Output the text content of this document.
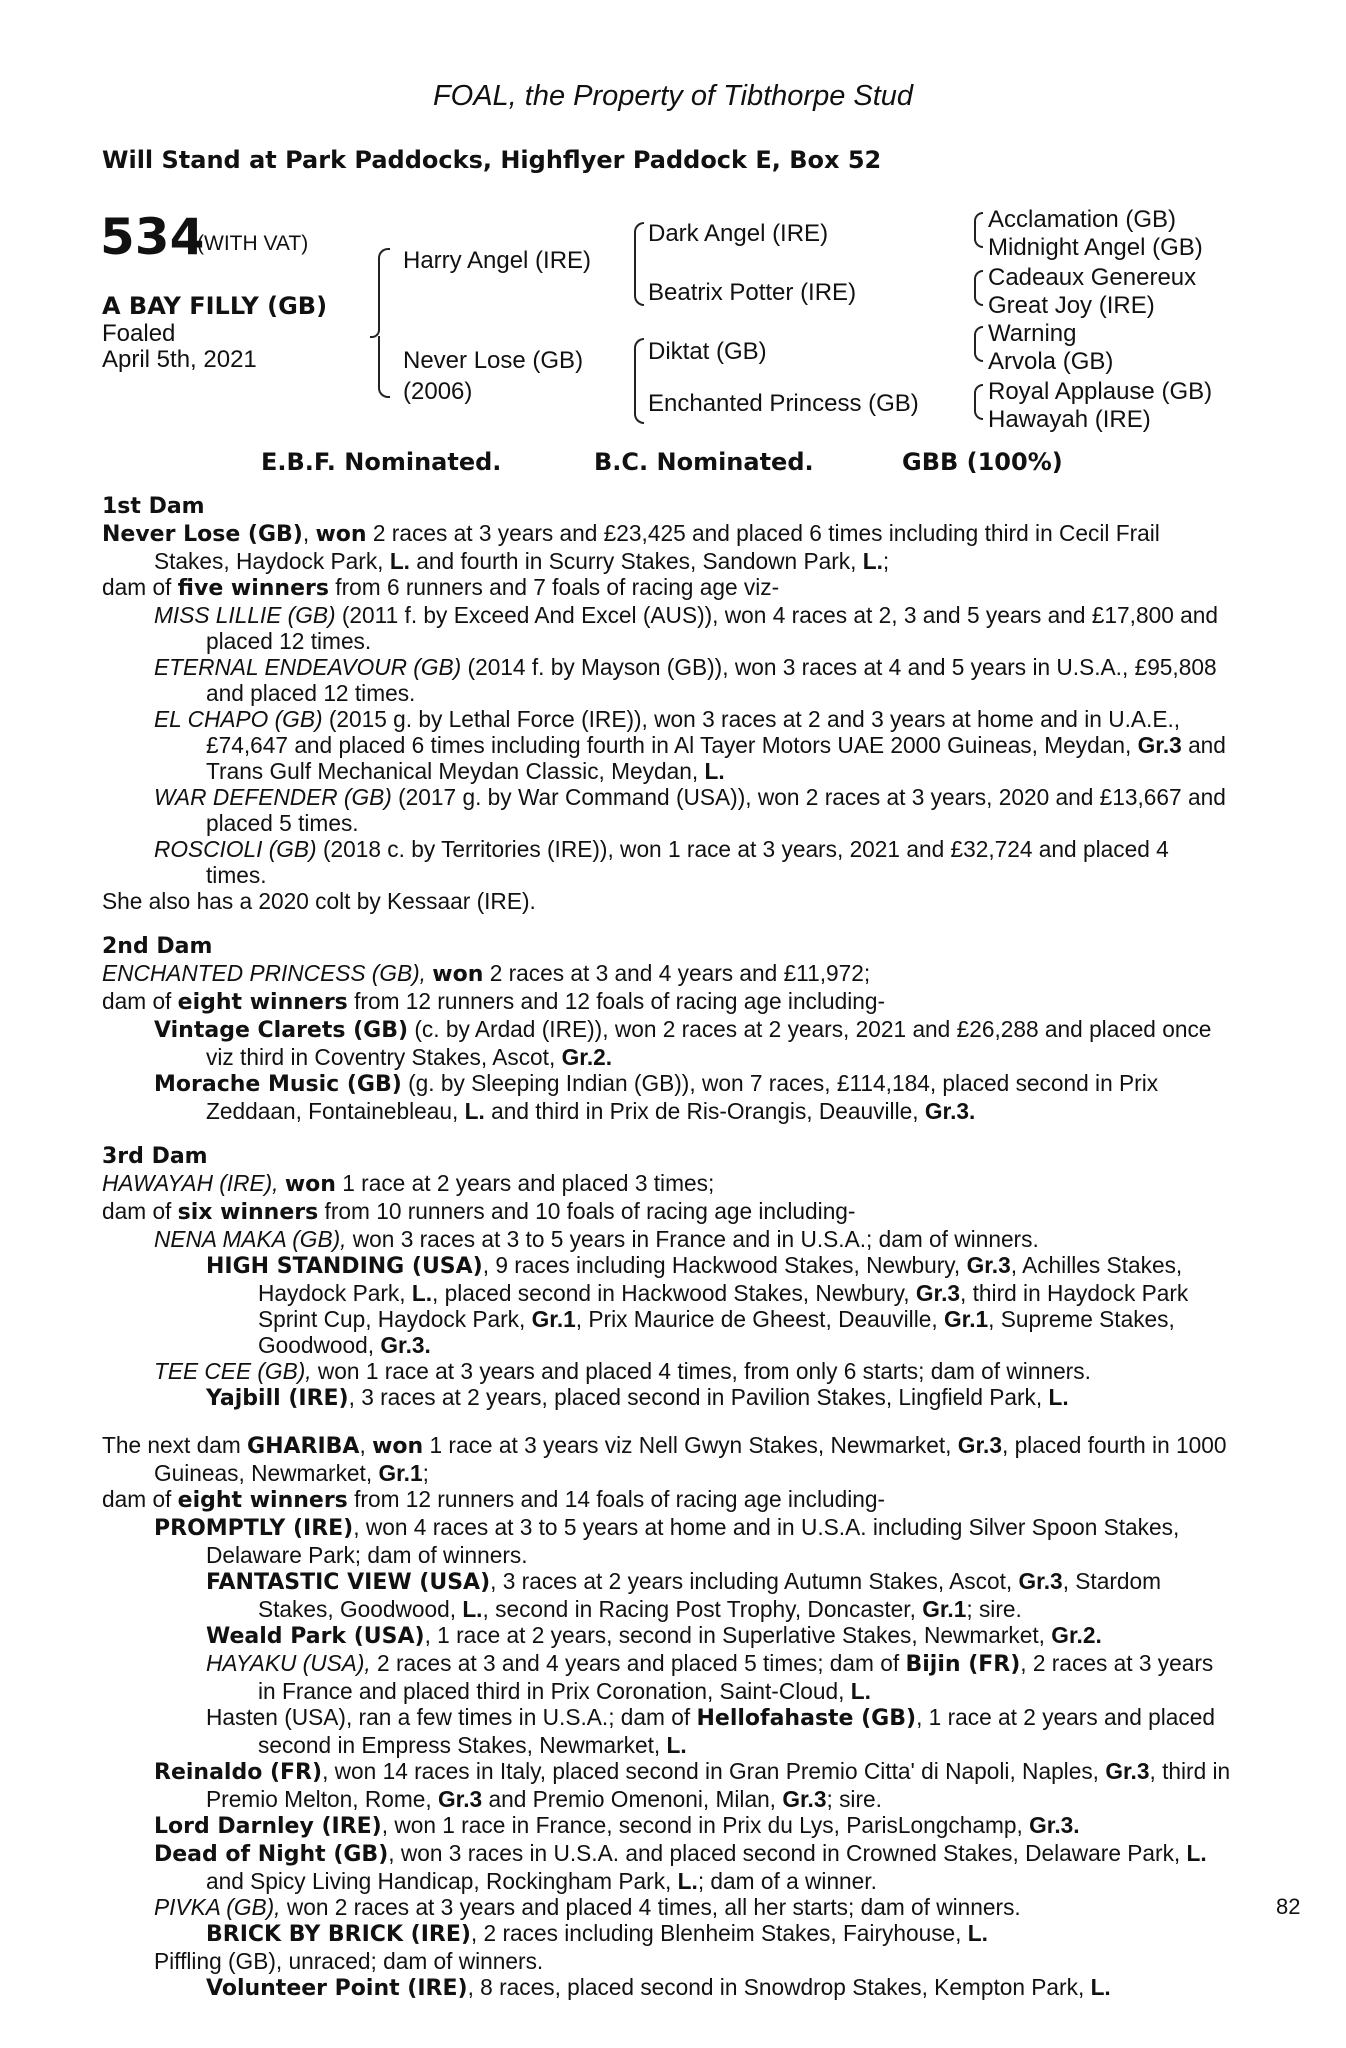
FOAL, the Property of Tibthorpe Stud
Will Stand at Park Paddocks, Highflyer Paddock E, Box 52
534
(WITH VAT)
A BAY FILLY (GB)
Foaled
April 5th, 2021
Harry Angel (IRE)
Never Lose (GB)
(2006)
Dark Angel (IRE)
Beatrix Potter (IRE)
Diktat (GB)
Enchanted Princess (GB)
Acclamation (GB)
Midnight Angel (GB)
Cadeaux Genereux
Great Joy (IRE)
Warning
Arvola (GB)
Royal Applause (GB)
Hawayah (IRE)
E.B.F. Nominated.	B.C. Nominated.	GBB (100%)

1st Dam

Never Lose (GB), won 2 races at 3 years and £23,425 and placed 6 times including third in Cecil Frail Stakes, Haydock Park, L. and fourth in Scurry Stakes, Sandown Park, L.;

dam of five winners from 6 runners and 7 foals of racing age viz-

MISS LILLIE (GB) (2011 f. by Exceed And Excel (AUS)), won 4 races at 2, 3 and 5 years and £17,800 and placed 12 times.

ETERNAL ENDEAVOUR (GB) (2014 f. by Mayson (GB)), won 3 races at 4 and 5 years in U.S.A., £95,808 and placed 12 times.

EL CHAPO (GB) (2015 g. by Lethal Force (IRE)), won 3 races at 2 and 3 years at home and in U.A.E., £74,647 and placed 6 times including fourth in Al Tayer Motors UAE 2000 Guineas, Meydan, Gr.3 and Trans Gulf Mechanical Meydan Classic, Meydan, L.

WAR DEFENDER (GB) (2017 g. by War Command (USA)), won 2 races at 3 years, 2020 and £13,667 and placed 5 times.

ROSCIOLI (GB) (2018 c. by Territories (IRE)), won 1 race at 3 years, 2021 and £32,724 and placed 4 times.

She also has a 2020 colt by Kessaar (IRE).

2nd Dam

ENCHANTED PRINCESS (GB), won 2 races at 3 and 4 years and £11,972;

dam of eight winners from 12 runners and 12 foals of racing age including-

Vintage Clarets (GB) (c. by Ardad (IRE)), won 2 races at 2 years, 2021 and £26,288 and placed once viz third in Coventry Stakes, Ascot, Gr.2.

Morache Music (GB) (g. by Sleeping Indian (GB)), won 7 races, £114,184, placed second in Prix Zeddaan, Fontainebleau, L. and third in Prix de Ris-Orangis, Deauville, Gr.3.

3rd Dam

HAWAYAH (IRE), won 1 race at 2 years and placed 3 times;

dam of six winners from 10 runners and 10 foals of racing age including-

NENA MAKA (GB), won 3 races at 3 to 5 years in France and in U.S.A.; dam of winners.

HIGH STANDING (USA), 9 races including Hackwood Stakes, Newbury, Gr.3, Achilles Stakes, Haydock Park, L., placed second in Hackwood Stakes, Newbury, Gr.3, third in Haydock Park Sprint Cup, Haydock Park, Gr.1, Prix Maurice de Gheest, Deauville, Gr.1, Supreme Stakes, Goodwood, Gr.3.

TEE CEE (GB), won 1 race at 3 years and placed 4 times, from only 6 starts; dam of winners.

Yajbill (IRE), 3 races at 2 years, placed second in Pavilion Stakes, Lingfield Park, L.

The next dam GHARIBA, won 1 race at 3 years viz Nell Gwyn Stakes, Newmarket, Gr.3, placed fourth in 1000 Guineas, Newmarket, Gr.1;

dam of eight winners from 12 runners and 14 foals of racing age including-

PROMPTLY (IRE), won 4 races at 3 to 5 years at home and in U.S.A. including Silver Spoon Stakes, Delaware Park; dam of winners.

FANTASTIC VIEW (USA), 3 races at 2 years including Autumn Stakes, Ascot, Gr.3, Stardom Stakes, Goodwood, L., second in Racing Post Trophy, Doncaster, Gr.1; sire.

Weald Park (USA), 1 race at 2 years, second in Superlative Stakes, Newmarket, Gr.2.

HAYAKU (USA), 2 races at 3 and 4 years and placed 5 times; dam of Bijin (FR), 2 races at 3 years in France and placed third in Prix Coronation, Saint-Cloud, L.

Hasten (USA), ran a few times in U.S.A.; dam of Hellofahaste (GB), 1 race at 2 years and placed second in Empress Stakes, Newmarket, L.

Reinaldo (FR), won 14 races in Italy, placed second in Gran Premio Citta' di Napoli, Naples, Gr.3, third in Premio Melton, Rome, Gr.3 and Premio Omenoni, Milan, Gr.3; sire.

Lord Darnley (IRE), won 1 race in France, second in Prix du Lys, ParisLongchamp, Gr.3.

Dead of Night (GB), won 3 races in U.S.A. and placed second in Crowned Stakes, Delaware Park, L. and Spicy Living Handicap, Rockingham Park, L.; dam of a winner.

PIVKA (GB), won 2 races at 3 years and placed 4 times, all her starts; dam of winners.

BRICK BY BRICK (IRE), 2 races including Blenheim Stakes, Fairyhouse, L.

Piffling (GB), unraced; dam of winners.

Volunteer Point (IRE), 8 races, placed second in Snowdrop Stakes, Kempton Park, L.

82
